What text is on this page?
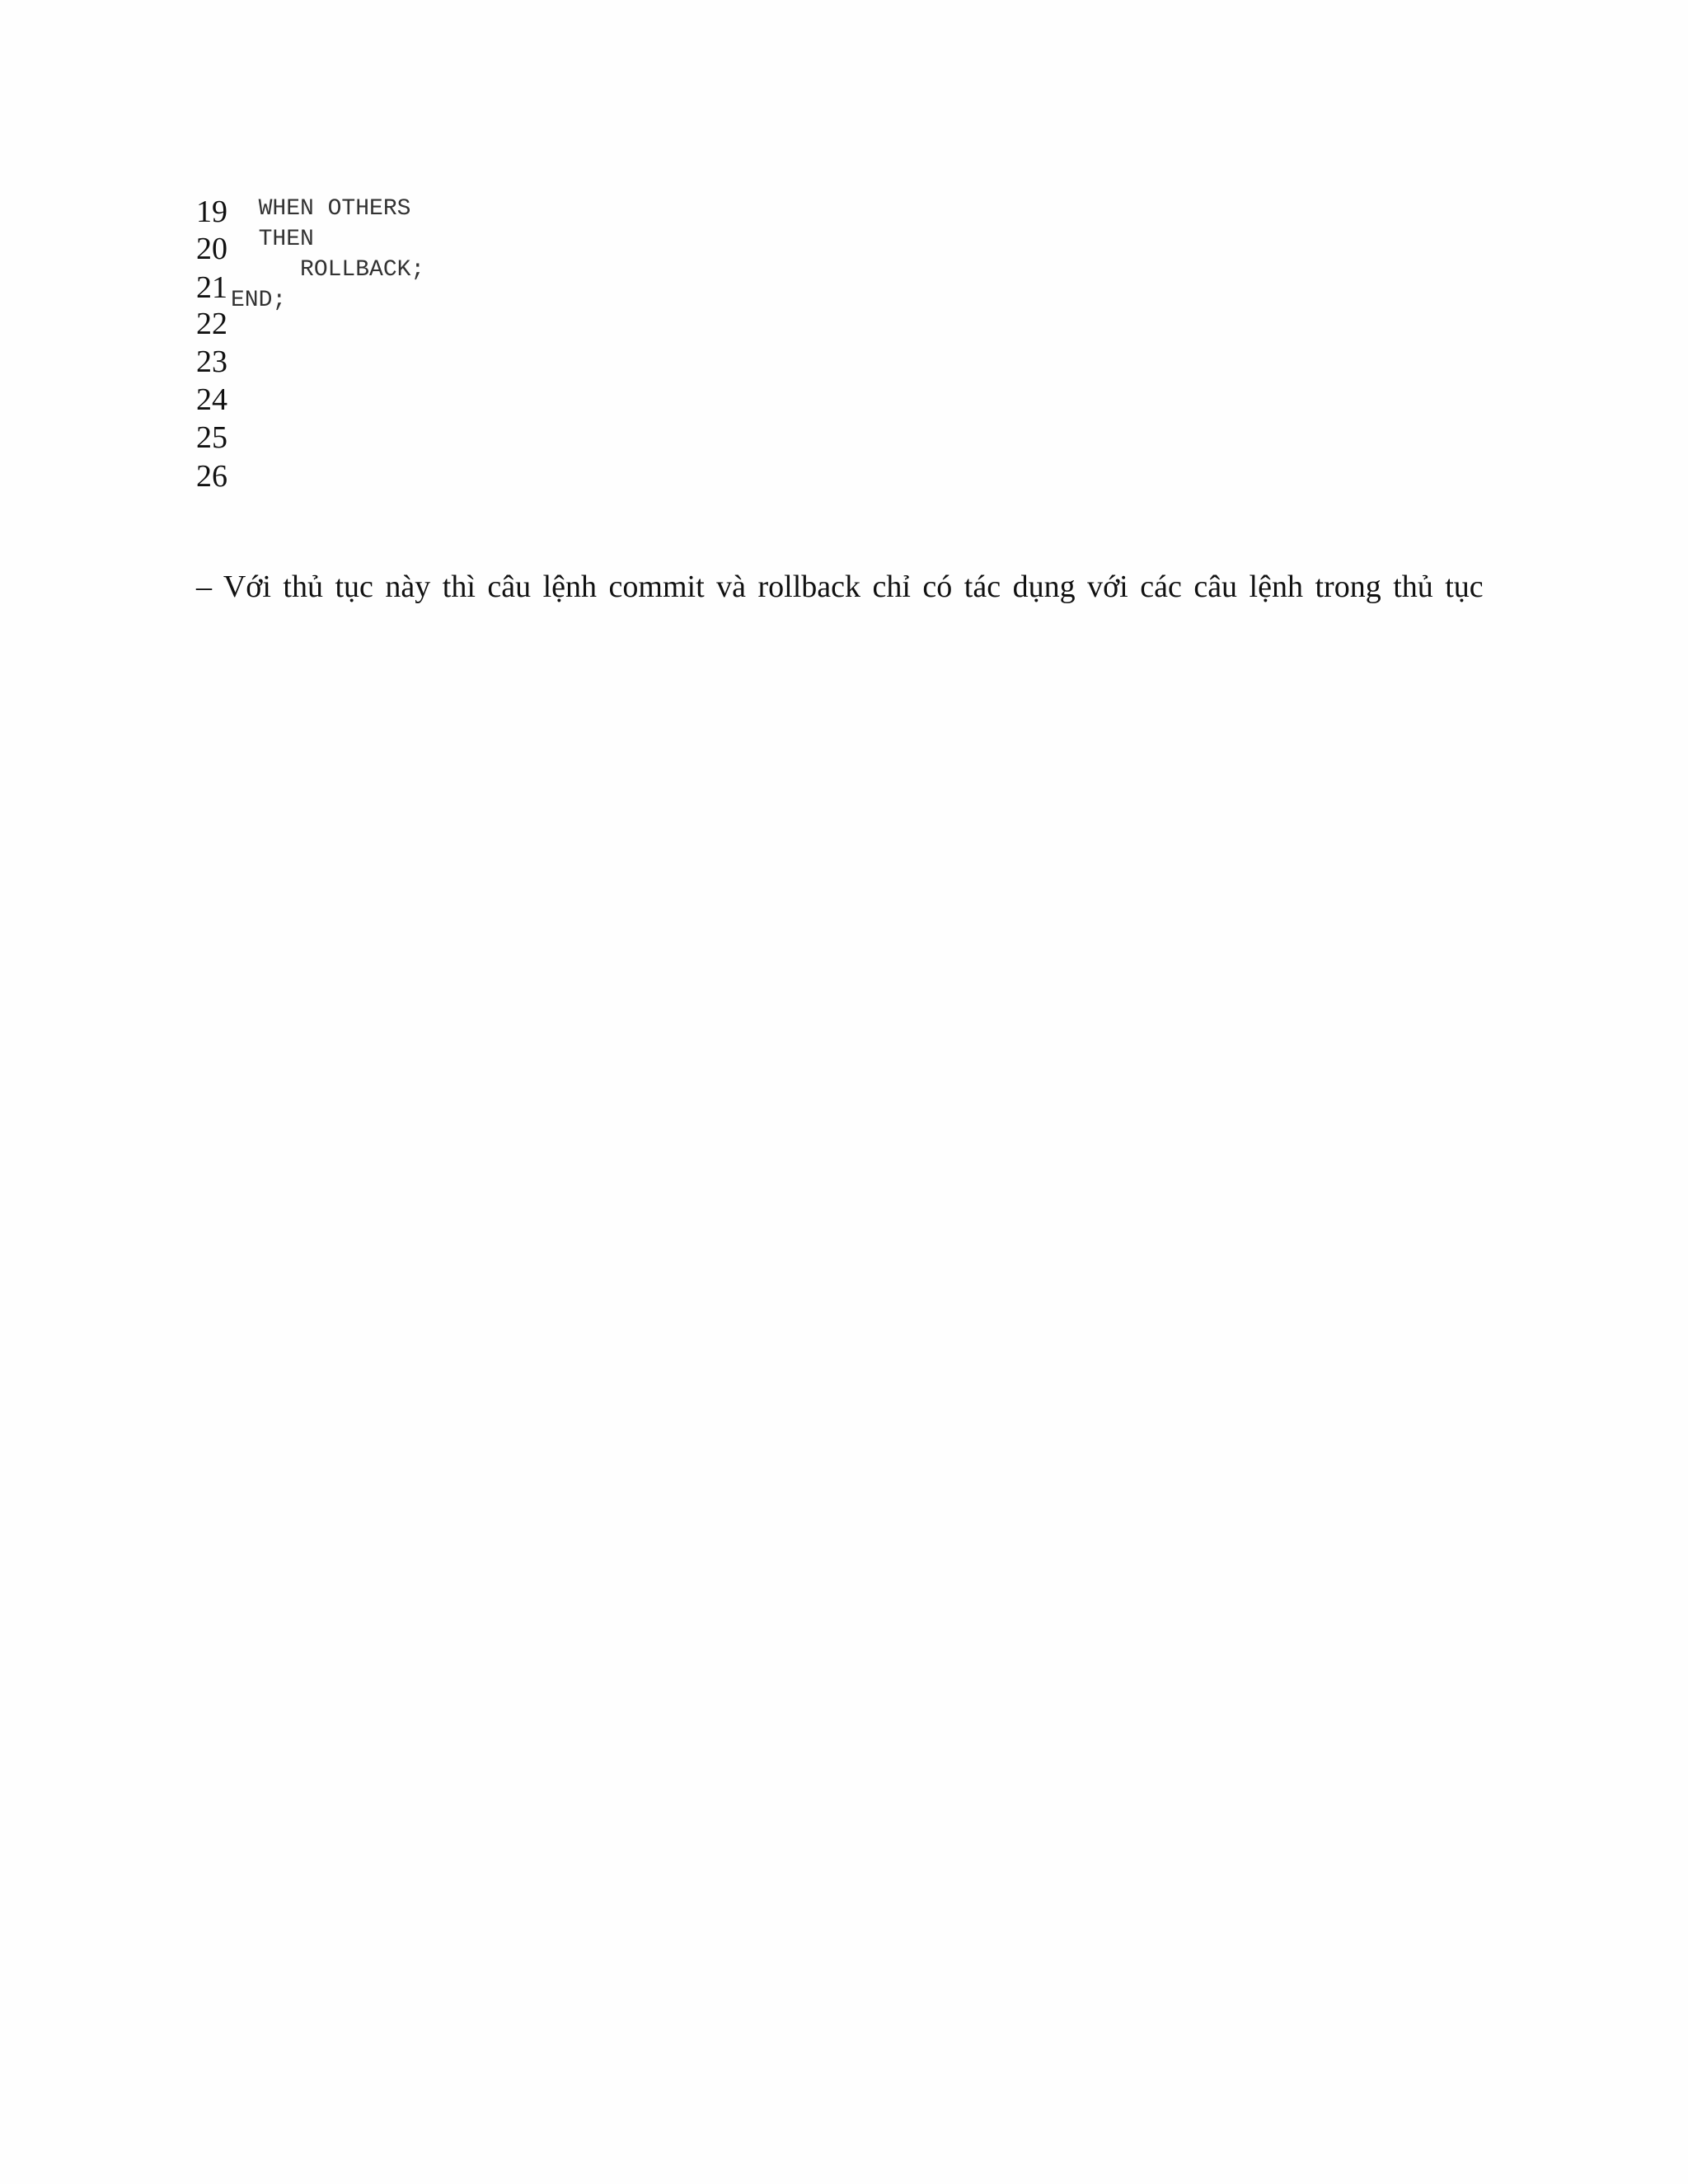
19
20
21
22
23
24
25
26
WHEN OTHERS
THEN
ROLLBACK;
END;

– Với thủ tục này thì câu lệnh commit và rollback chỉ có tác dụng với các câu lệnh trong thủ tục
